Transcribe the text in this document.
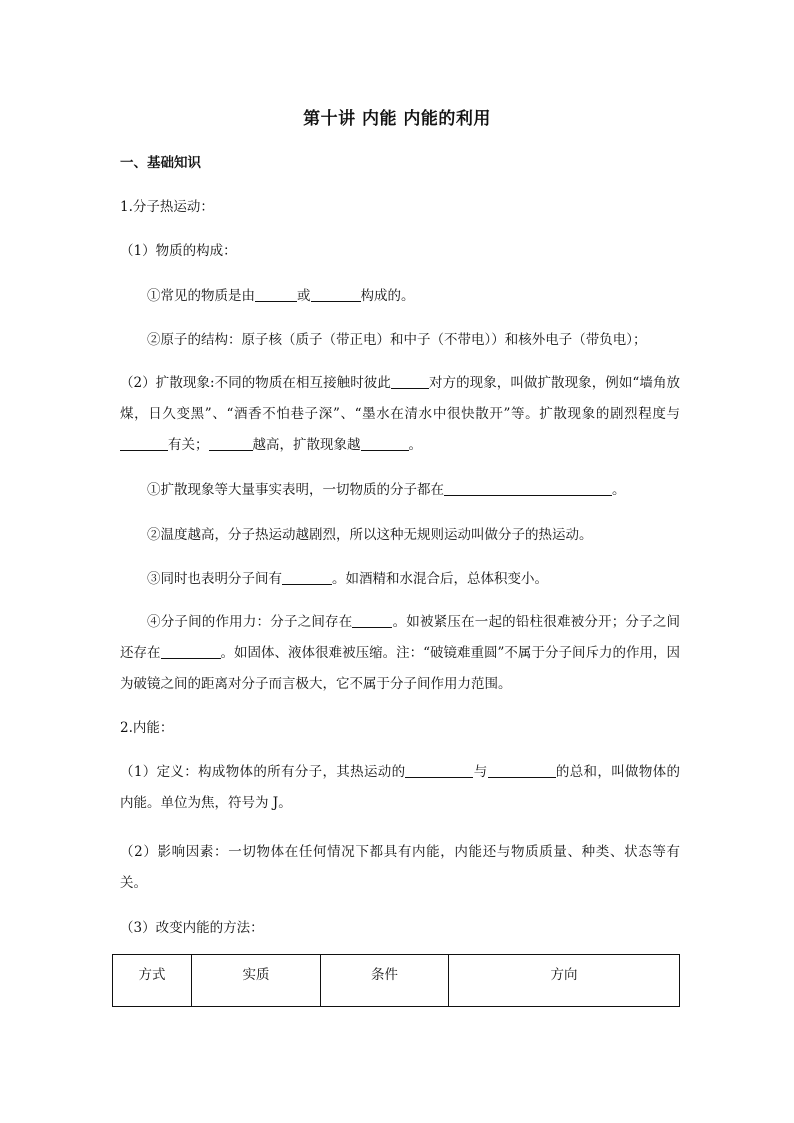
第十讲 内能 内能的利用
一、基础知识
1.分子热运动：
（1）物质的构成：
①常见的物质是由	或	构成的。
②原子的结构：原子核（质子（带正电）和中子（不带电））和核外电子（带负电）；
（2）扩散现象:不同的物质在相互接触时彼此	对方的现象，叫做扩散现象，例如“墙角放煤，日久变黑”、“酒香不怕巷子深”、“墨水在清水中很快散开”等。扩散现象的剧烈程度与有关；	越高，扩散现象越	。
①扩散现象等大量事实表明，一切物质的分子都在	。
②温度越高，分子热运动越剧烈，所以这种无规则运动叫做分子的热运动。
③同时也表明分子间有	。如酒精和水混合后，总体积变小。
④分子间的作用力：分子之间存在	。如被紧压在一起的铅柱很难被分开；分子之间还存在	。如固体、液体很难被压缩。注：“破镜难重圆”不属于分子间斥力的作用，因为破镜之间的距离对分子而言极大，它不属于分子间作用力范围。
2.内能：
（1）定义：构成物体的所有分子，其热运动的	与	的总和，叫做物体的内能。单位为焦，符号为 J。
（2）影响因素：一切物体在任何情况下都具有内能，内能还与物质质量、种类、状态等有关。
（3）改变内能的方法：
方式	实质	条件	方向
